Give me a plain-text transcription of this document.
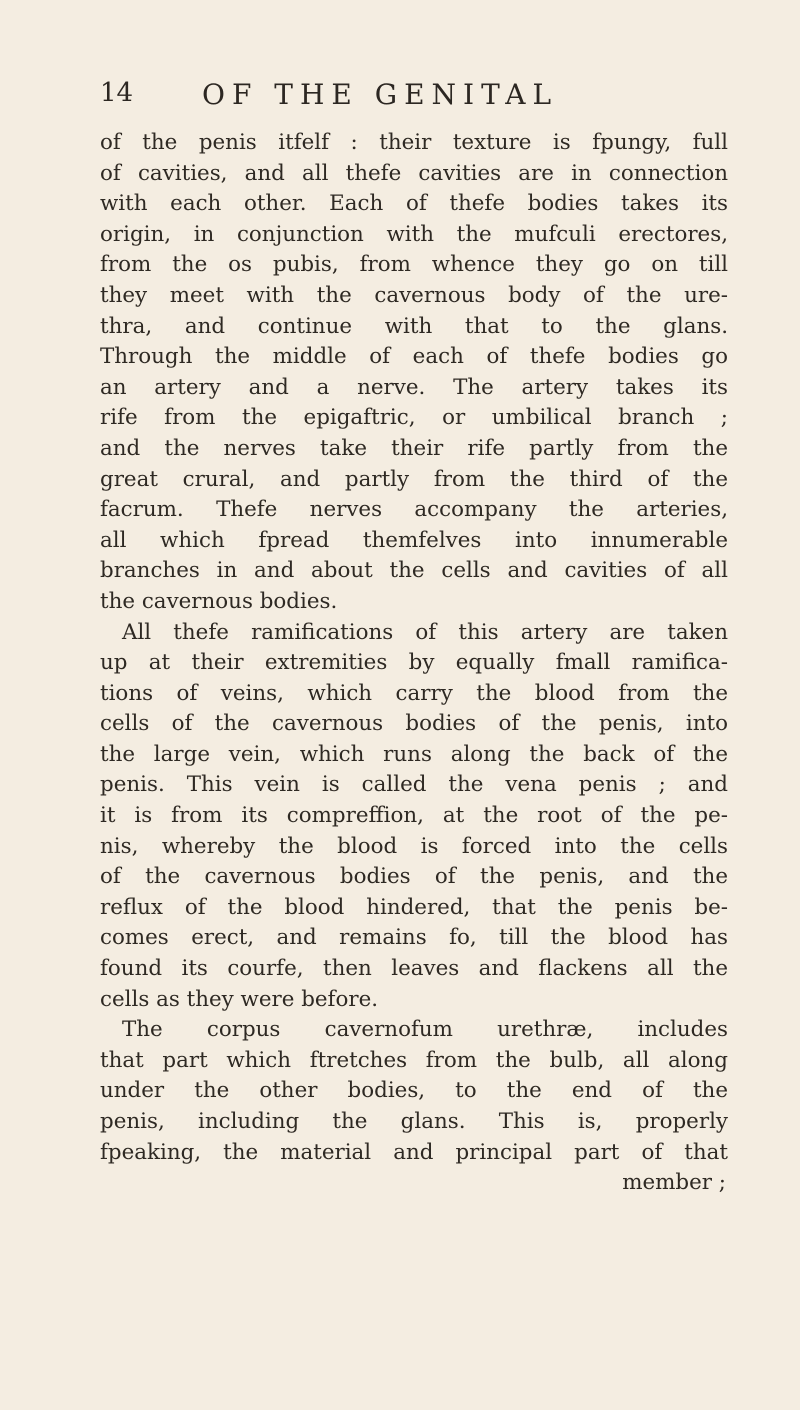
14 OF THE GENITAL
of the penis itfelf : their texture is fpungy, full
of cavities, and all thefe cavities are in connection
with each other. Each of thefe bodies takes its
origin, in conjunction with the mufculi erectores,
from the os pubis, from whence they go on till
they meet with the cavernous body of the ure-
thra, and continue with that to the glans.
Through the middle of each of thefe bodies go
an artery and a nerve. The artery takes its
rife from the epigaftric, or umbilical branch ;
and the nerves take their rife partly from the
great crural, and partly from the third of the
facrum. Thefe nerves accompany the arteries,
all which fpread themfelves into innumerable
branches in and about the cells and cavities of all
the cavernous bodies.
All thefe ramifications of this artery are taken
up at their extremities by equally fmall ramifica-
tions of veins, which carry the blood from the
cells of the cavernous bodies of the penis, into
the large vein, which runs along the back of the
penis. This vein is called the vena penis ; and
it is from its compreffion, at the root of the pe-
nis, whereby the blood is forced into the cells
of the cavernous bodies of the penis, and the
reflux of the blood hindered, that the penis be-
comes erect, and remains fo, till the blood has
found its courfe, then leaves and flackens all the
cells as they were before.
The corpus cavernofum urethræ, includes
that part which ftretches from the bulb, all along
under the other bodies, to the end of the
penis, including the glans. This is, properly
fpeaking, the material and principal part of that
member ;
